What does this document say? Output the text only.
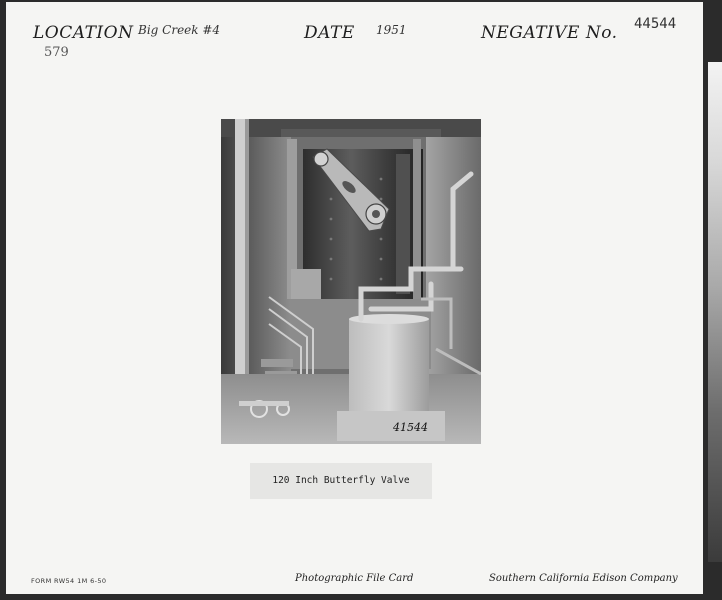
LOCATION Big Creek #4	DATE 1951	NEGATIVE No. 44544
579
41544
120 Inch Butterfly Valve
FORM RW54 1M 6-50	Photographic File Card	Southern California Edison Company
